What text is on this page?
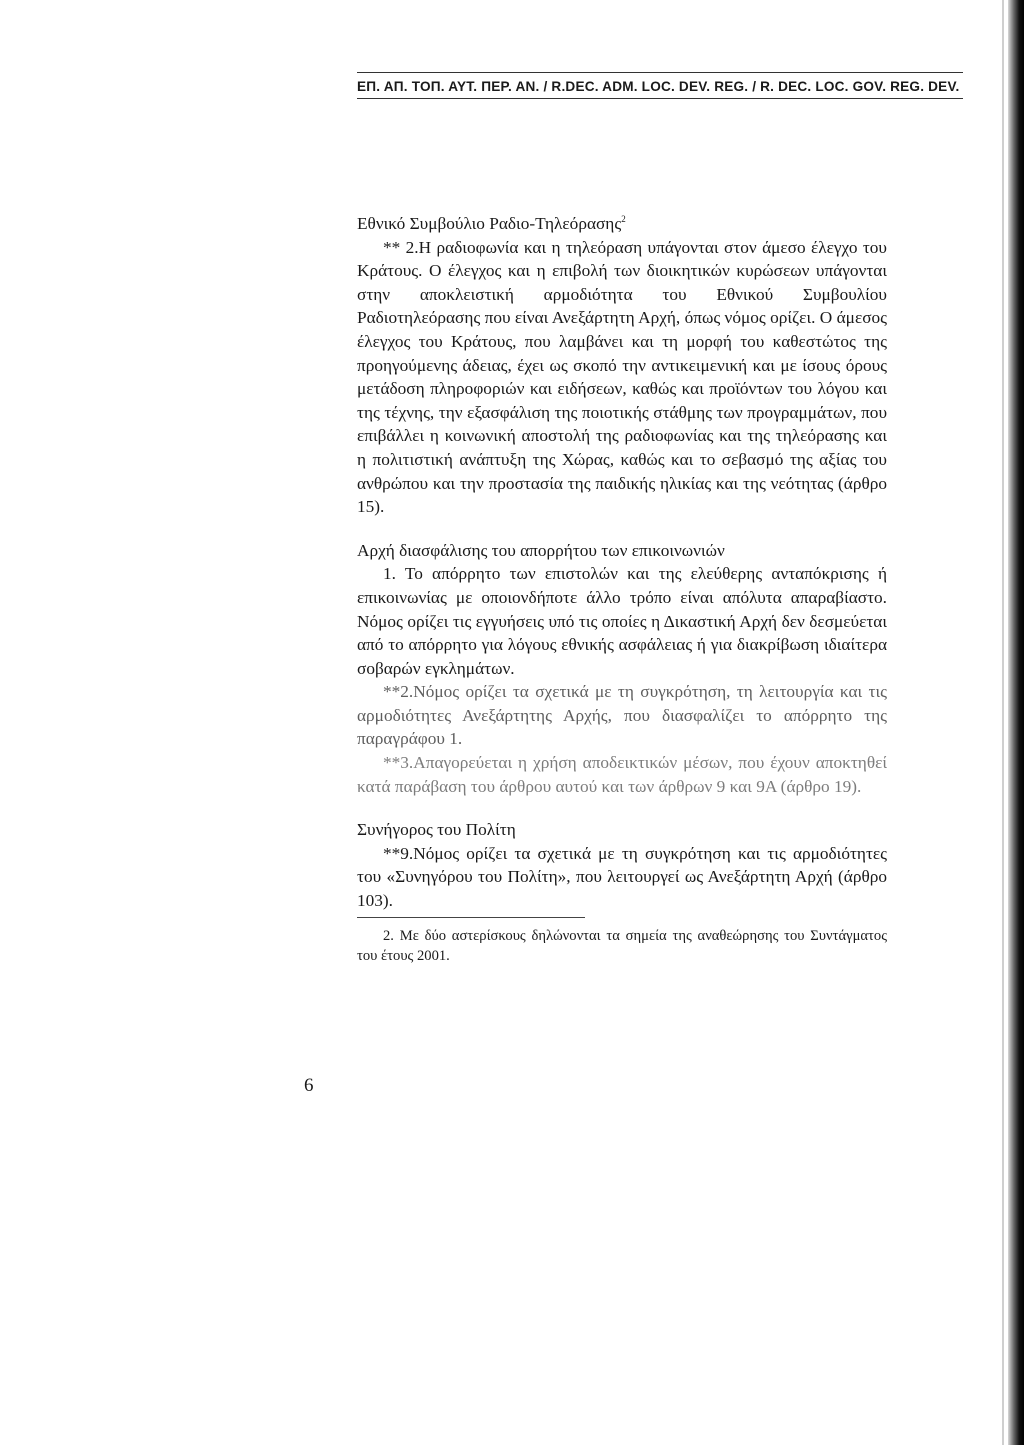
ΕΠ. ΑΠ. ΤΟΠ. ΑΥΤ. ΠΕΡ. ΑΝ. / R.DEC. ADM. LOC. DEV. REG. / R. DEC. LOC. GOV. REG. DEV.

Εθνικό Συμβούλιο Ραδιο-Τηλεόρασης$^2$

** 2.Η ραδιοφωνία και η τηλεόραση υπάγονται στον άμεσο έλεγχο του Κράτους. Ο έλεγχος και η επιβολή των διοικητικών κυρώσεων υπάγονται στην αποκλειστική αρμοδιότητα του Εθνικού Συμβουλίου Ραδιοτηλεόρασης που είναι Ανεξάρτητη Αρχή, όπως νόμος ορίζει. Ο άμεσος έλεγχος του Κράτους, που λαμβάνει και τη μορφή του καθεστώτος της προηγούμενης άδειας, έχει ως σκοπό την αντικειμενική και με ίσους όρους μετάδοση πληροφοριών και ειδήσεων, καθώς και προϊόντων του λόγου και της τέχνης, την εξασφάλιση της ποιοτικής στάθμης των προγραμμάτων, που επιβάλλει η κοινωνική αποστολή της ραδιοφωνίας και της τηλεόρασης και η πολιτιστική ανάπτυξη της Χώρας, καθώς και το σεβασμό της αξίας του ανθρώπου και την προστασία της παιδικής ηλικίας και της νεότητας (άρθρο 15).

Αρχή διασφάλισης του απορρήτου των επικοινωνιών

1. Το απόρρητο των επιστολών και της ελεύθερης ανταπόκρισης ή επικοινωνίας με οποιονδήποτε άλλο τρόπο είναι απόλυτα απαραβίαστο. Νόμος ορίζει τις εγγυήσεις υπό τις οποίες η Δικαστική Αρχή δεν δεσμεύεται από το απόρρητο για λόγους εθνικής ασφάλειας ή για διακρίβωση ιδιαίτερα σοβαρών εγκλημάτων.

**2.Νόμος ορίζει τα σχετικά με τη συγκρότηση, τη λειτουργία και τις αρμοδιότητες Ανεξάρτητης Αρχής, που διασφαλίζει το απόρρητο της παραγράφου 1.

**3.Απαγορεύεται η χρήση αποδεικτικών μέσων, που έχουν αποκτηθεί κατά παράβαση του άρθρου αυτού και των άρθρων 9 και 9Α (άρθρο 19).

Συνήγορος του Πολίτη

**9.Νόμος ορίζει τα σχετικά με τη συγκρότηση και τις αρμοδιότητες του «Συνηγόρου του Πολίτη», που λειτουργεί ως Ανεξάρτητη Αρχή (άρθρο 103).

2. Με δύο αστερίσκους δηλώνονται τα σημεία της αναθεώρησης του Συντάγματος του έτους 2001.

6
